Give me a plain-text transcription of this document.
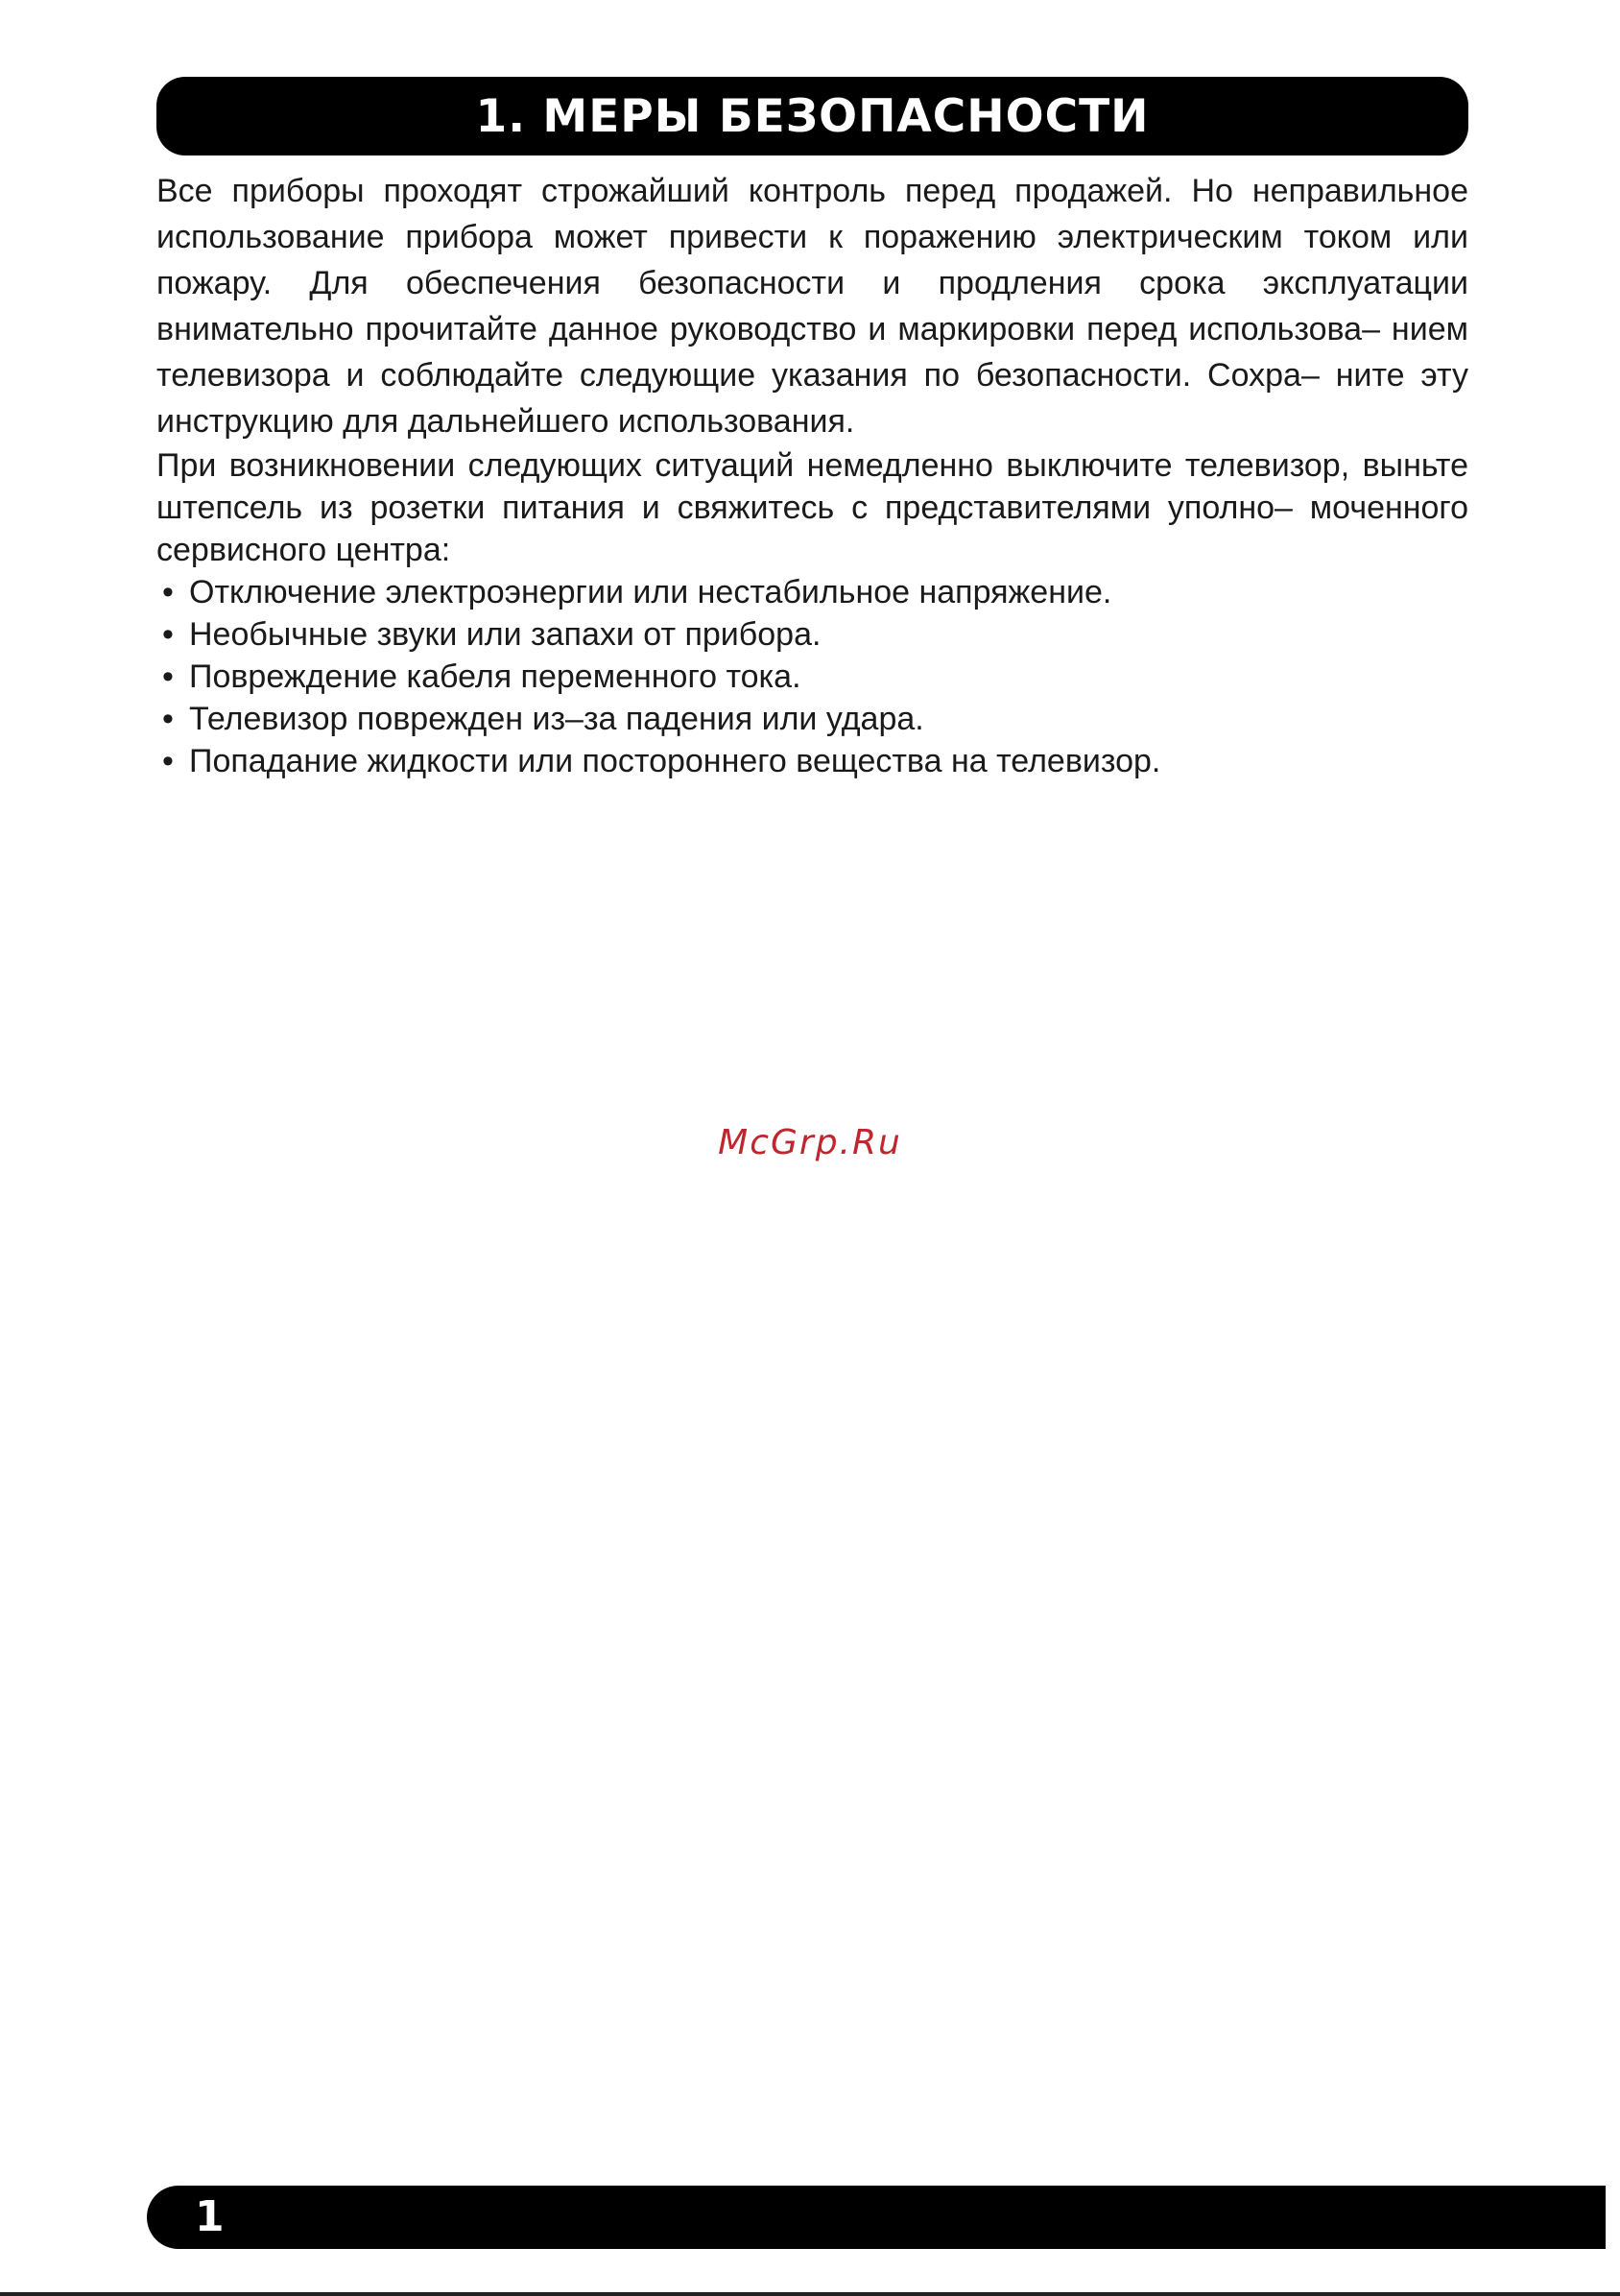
1. МЕРЫ БЕЗОПАСНОСТИ

Все приборы проходят строжайший контроль перед продажей. Но неправильное использование прибора может привести к поражению электрическим током или пожару. Для обеспечения безопасности и продления срока эксплуатации внимательно прочитайте данное руководство и маркировки перед использова– нием телевизора и соблюдайте следующие указания по безопасности. Сохра– ните эту инструкцию для дальнейшего использования.

При возникновении следующих ситуаций немедленно выключите телевизор, выньте штепсель из розетки питания и свяжитесь с представителями уполно– моченного сервисного центра:

• Отключение электроэнергии или нестабильное напряжение.
• Необычные звуки или запахи от прибора.
• Повреждение кабеля переменного тока.
• Телевизор поврежден из–за падения или удара.
• Попадание жидкости или постороннего вещества на телевизор.
McGrp.Ru
1
